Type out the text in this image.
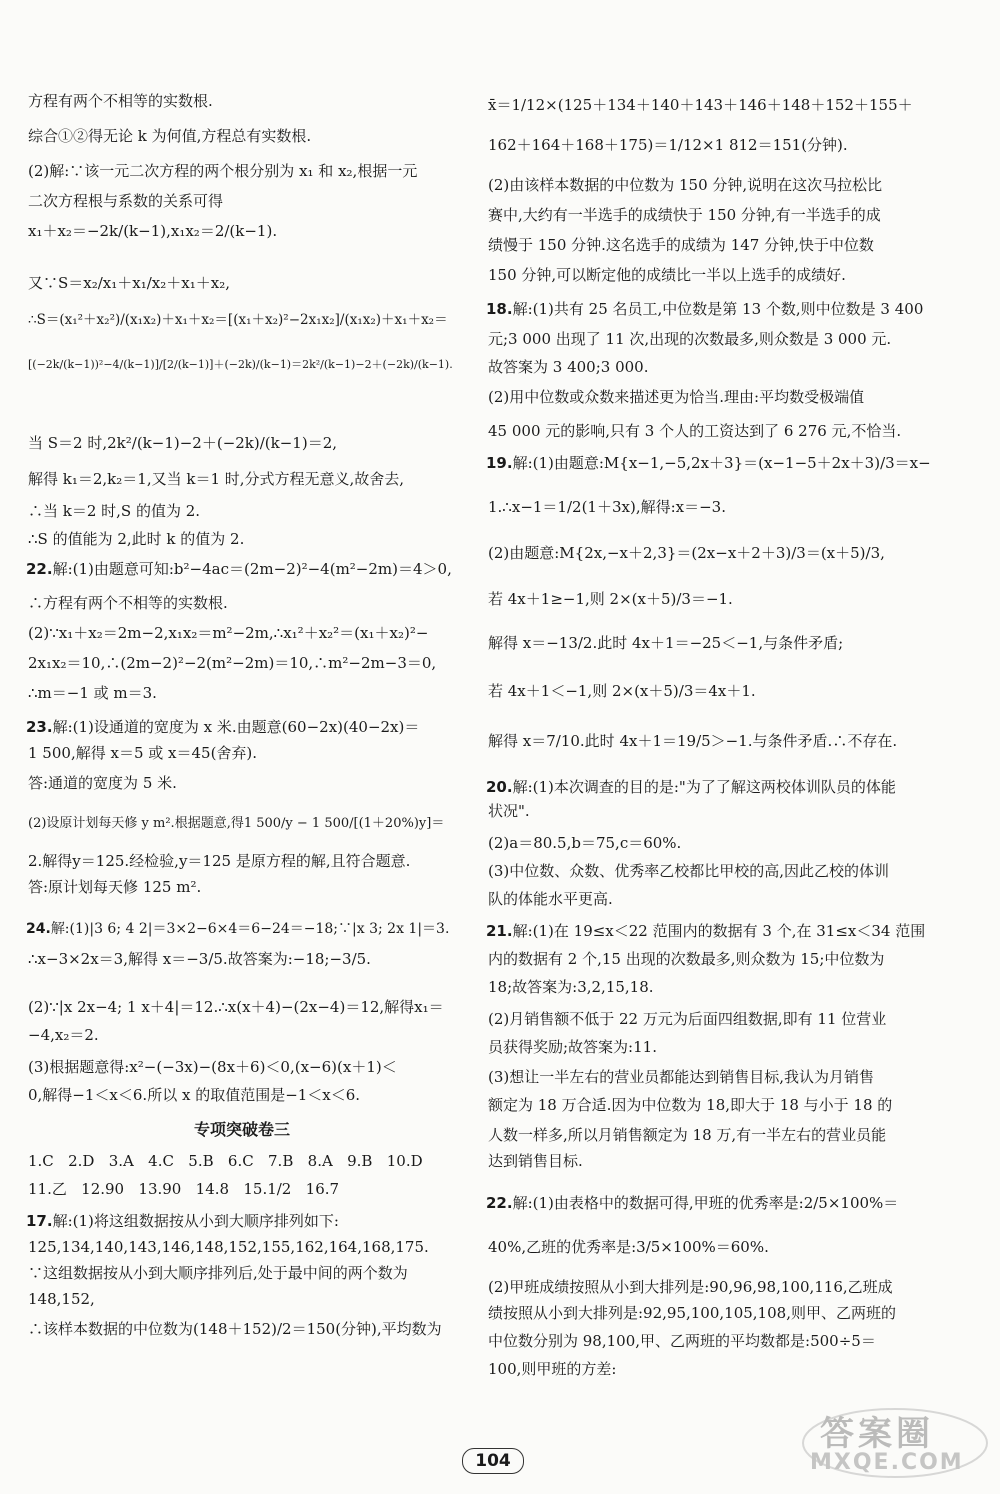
方程有两个不相等的实数根.
综合①②得无论 k 为何值,方程总有实数根.
(2)解:∵该一元二次方程的两个根分别为 x₁ 和 x₂,根据一元
二次方程根与系数的关系可得
x₁＋x₂＝−2k/(k−1),x₁x₂＝2/(k−1).
又∵S＝x₂/x₁＋x₁/x₂＋x₁＋x₂,
∴S＝(x₁²＋x₂²)/(x₁x₂)＋x₁＋x₂＝[(x₁＋x₂)²−2x₁x₂]/(x₁x₂)＋x₁＋x₂＝
[(−2k/(k−1))²−4/(k−1)]/[2/(k−1)]＋(−2k)/(k−1)＝2k²/(k−1)−2＋(−2k)/(k−1).
当 S＝2 时,2k²/(k−1)−2＋(−2k)/(k−1)＝2,
解得 k₁＝2,k₂＝1,又当 k＝1 时,分式方程无意义,故舍去,
∴当 k＝2 时,S 的值为 2.
∴S 的值能为 2,此时 k 的值为 2.
22.解:(1)由题意可知:b²−4ac＝(2m−2)²−4(m²−2m)＝4＞0,
∴方程有两个不相等的实数根.
(2)∵x₁＋x₂＝2m−2,x₁x₂＝m²−2m,∴x₁²＋x₂²＝(x₁＋x₂)²−
2x₁x₂＝10,∴(2m−2)²−2(m²−2m)＝10,∴m²−2m−3＝0,
∴m＝−1 或 m＝3.
23.解:(1)设通道的宽度为 x 米.由题意(60−2x)(40−2x)＝
1 500,解得 x＝5 或 x＝45(舍弃).
答:通道的宽度为 5 米.
(2)设原计划每天修 y m².根据题意,得1 500/y − 1 500/[(1＋20%)y]＝
2.解得y＝125.经检验,y＝125 是原方程的解,且符合题意.
答:原计划每天修 125 m².
24.解:(1)|3 6; 4 2|＝3×2−6×4＝6−24＝−18;∵|x 3; 2x 1|＝3.
∴x−3×2x＝3,解得 x＝−3/5.故答案为:−18;−3/5.
(2)∵|x 2x−4; 1 x＋4|＝12.∴x(x＋4)−(2x−4)＝12,解得x₁＝
−4,x₂＝2.
(3)根据题意得:x²−(−3x)−(8x＋6)＜0,(x−6)(x＋1)＜
0,解得−1＜x＜6.所以 x 的取值范围是−1＜x＜6.
专项突破卷三
1.C   2.D   3.A   4.C   5.B   6.C   7.B   8.A   9.B   10.D
11.乙   12.90   13.90   14.8   15.1/2   16.7
17.解:(1)将这组数据按从小到大顺序排列如下:
125,134,140,143,146,148,152,155,162,164,168,175.
∵这组数据按从小到大顺序排列后,处于最中间的两个数为
148,152,
∴该样本数据的中位数为(148＋152)/2＝150(分钟),平均数为
x̄＝1/12×(125＋134＋140＋143＋146＋148＋152＋155＋
162＋164＋168＋175)＝1/12×1 812＝151(分钟).
(2)由该样本数据的中位数为 150 分钟,说明在这次马拉松比
赛中,大约有一半选手的成绩快于 150 分钟,有一半选手的成
绩慢于 150 分钟.这名选手的成绩为 147 分钟,快于中位数
150 分钟,可以断定他的成绩比一半以上选手的成绩好.
18.解:(1)共有 25 名员工,中位数是第 13 个数,则中位数是 3 400
元;3 000 出现了 11 次,出现的次数最多,则众数是 3 000 元.
故答案为 3 400;3 000.
(2)用中位数或众数来描述更为恰当.理由:平均数受极端值
45 000 元的影响,只有 3 个人的工资达到了 6 276 元,不恰当.
19.解:(1)由题意:M{x−1,−5,2x＋3}＝(x−1−5＋2x＋3)/3＝x−
1.∴x−1＝1/2(1＋3x),解得:x＝−3.
(2)由题意:M{2x,−x＋2,3}＝(2x−x＋2＋3)/3＝(x＋5)/3,
若 4x＋1≥−1,则 2×(x＋5)/3＝−1.
解得 x＝−13/2.此时 4x＋1＝−25＜−1,与条件矛盾;
若 4x＋1＜−1,则 2×(x＋5)/3＝4x＋1.
解得 x＝7/10.此时 4x＋1＝19/5＞−1.与条件矛盾.∴不存在.
20.解:(1)本次调查的目的是:"为了了解这两校体训队员的体能
状况".
(2)a＝80.5,b＝75,c＝60%.
(3)中位数、众数、优秀率乙校都比甲校的高,因此乙校的体训
队的体能水平更高.
21.解:(1)在 19≤x＜22 范围内的数据有 3 个,在 31≤x＜34 范围
内的数据有 2 个,15 出现的次数最多,则众数为 15;中位数为
18;故答案为:3,2,15,18.
(2)月销售额不低于 22 万元为后面四组数据,即有 11 位营业
员获得奖励;故答案为:11.
(3)想让一半左右的营业员都能达到销售目标,我认为月销售
额定为 18 万合适.因为中位数为 18,即大于 18 与小于 18 的
人数一样多,所以月销售额定为 18 万,有一半左右的营业员能
达到销售目标.
22.解:(1)由表格中的数据可得,甲班的优秀率是:2/5×100%＝
40%,乙班的优秀率是:3/5×100%＝60%.
(2)甲班成绩按照从小到大排列是:90,96,98,100,116,乙班成
绩按照从小到大排列是:92,95,100,105,108,则甲、乙两班的
中位数分别为 98,100,甲、乙两班的平均数都是:500÷5＝
100,则甲班的方差:
104
答案圈
MXQE.COM
